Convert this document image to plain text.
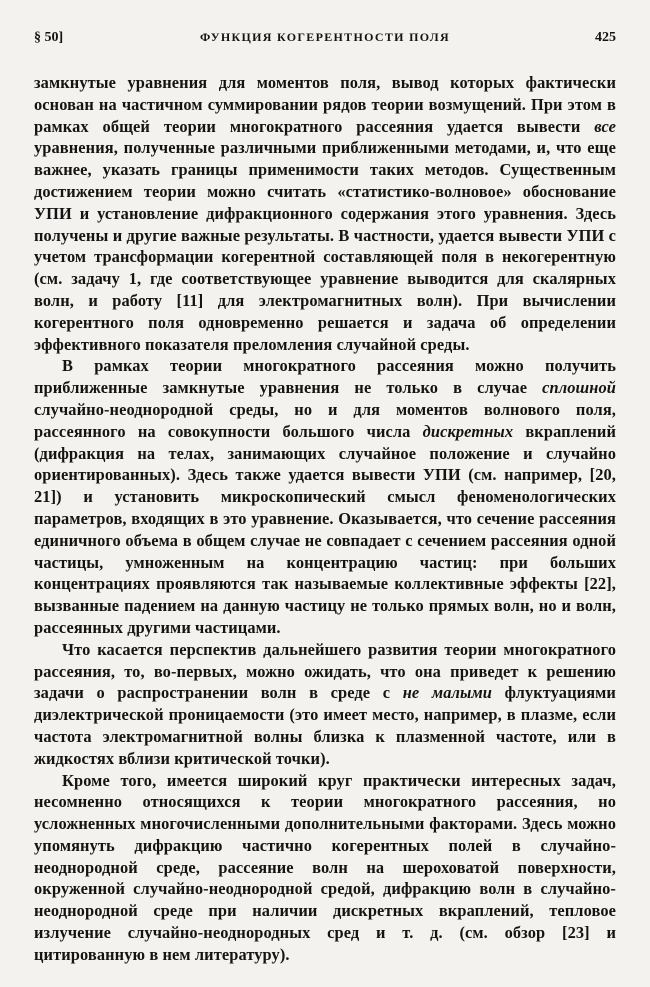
§ 50]	ФУНКЦИЯ КОГЕРЕНТНОСТИ ПОЛЯ	425

замкнутые уравнения для моментов поля, вывод которых фактически основан на частичном суммировании рядов теории возмущений. При этом в рамках общей теории многократного рассеяния удается вывести все уравнения, полученные различными приближенными методами, и, что еще важнее, указать границы применимости таких методов. Существенным достижением теории можно считать «статистико-волновое» обоснование УПИ и установление дифракционного содержания этого уравнения. Здесь получены и другие важные результаты. В частности, удается вывести УПИ с учетом трансформации когерентной составляющей поля в некогерентную (см. задачу 1, где соответствующее уравнение выводится для скалярных волн, и работу [11] для электромагнитных волн). При вычислении когерентного поля одновременно решается и задача об определении эффективного показателя преломления случайной среды.

В рамках теории многократного рассеяния можно получить приближенные замкнутые уравнения не только в случае сплошной случайно-неоднородной среды, но и для моментов волнового поля, рассеянного на совокупности большого числа дискретных вкраплений (дифракция на телах, занимающих случайное положение и случайно ориентированных). Здесь также удается вывести УПИ (см. например, [20, 21]) и установить микроскопический смысл феноменологических параметров, входящих в это уравнение. Оказывается, что сечение рассеяния единичного объема в общем случае не совпадает с сечением рассеяния одной частицы, умноженным на концентрацию частиц: при больших концентрациях проявляются так называемые коллективные эффекты [22], вызванные падением на данную частицу не только прямых волн, но и волн, рассеянных другими частицами.

Что касается перспектив дальнейшего развития теории многократного рассеяния, то, во-первых, можно ожидать, что она приведет к решению задачи о распространении волн в среде с не малыми флуктуациями диэлектрической проницаемости (это имеет место, например, в плазме, если частота электромагнитной волны близка к плазменной частоте, или в жидкостях вблизи критической точки).

Кроме того, имеется широкий круг практически интересных задач, несомненно относящихся к теории многократного рассеяния, но усложненных многочисленными дополнительными факторами. Здесь можно упомянуть дифракцию частично когерентных полей в случайно-неоднородной среде, рассеяние волн на шероховатой поверхности, окруженной случайно-неоднородной средой, дифракцию волн в случайно-неоднородной среде при наличии дискретных вкраплений, тепловое излучение случайно-неоднородных сред и т. д. (см. обзор [23] и цитированную в нем литературу).
